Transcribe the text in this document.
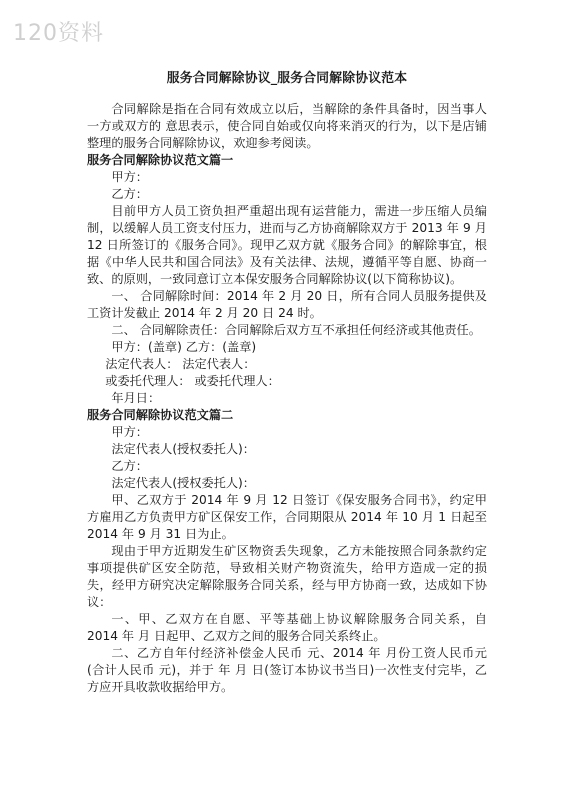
120资料
服务合同解除协议_服务合同解除协议范本

合同解除是指在合同有效成立以后，当解除的条件具备时，因当事人一方或双方的 意思表示，使合同自始或仅向将来消灭的行为，以下是店铺整理的服务合同解除协议，欢迎参考阅读。

服务合同解除协议范文篇一

甲方：

乙方：

目前甲方人员工资负担严重超出现有运营能力，需进一步压缩人员编制，以缓解人员工资支付压力，进而与乙方协商解除双方于 2013 年 9 月 12 日所签订的《服务合同》。现甲乙双方就《服务合同》的解除事宜，根据《中华人民共和国合同法》及有关法律、法规，遵循平等自愿、协商一致、的原则，一致同意订立本保安服务合同解除协议(以下简称协议)。

一、 合同解除时间：2014 年 2 月 20 日，所有合同人员服务提供及工资计发截止 2014 年 2 月 20 日 24 时。

二、 合同解除责任：合同解除后双方互不承担任何经济或其他责任。

甲方：(盖章) 乙方：(盖章)

法定代表人： 法定代表人：

或委托代理人： 或委托代理人：

年月日：

服务合同解除协议范文篇二

甲方：

法定代表人(授权委托人)：

乙方：

法定代表人(授权委托人)：

甲、乙双方于 2014 年 9 月 12 日签订《保安服务合同书》，约定甲方雇用乙方负责甲方矿区保安工作，合同期限从 2014 年 10 月 1 日起至 2014 年 9 月 31 日为止。

现由于甲方近期发生矿区物资丢失现象，乙方未能按照合同条款约定事项提供矿区安全防范，导致相关财产物资流失，给甲方造成一定的损失，经甲方研究决定解除服务合同关系，经与甲方协商一致，达成如下协议：

一、甲、乙双方在自愿、平等基础上协议解除服务合同关系，自 2014 年 月 日起甲、乙双方之间的服务合同关系终止。

二、乙方自年付经济补偿金人民币 元、2014 年 月份工资人民币元(合计人民币 元)，并于 年 月 日(签订本协议书当日)一次性支付完毕，乙方应开具收款收据给甲方。
